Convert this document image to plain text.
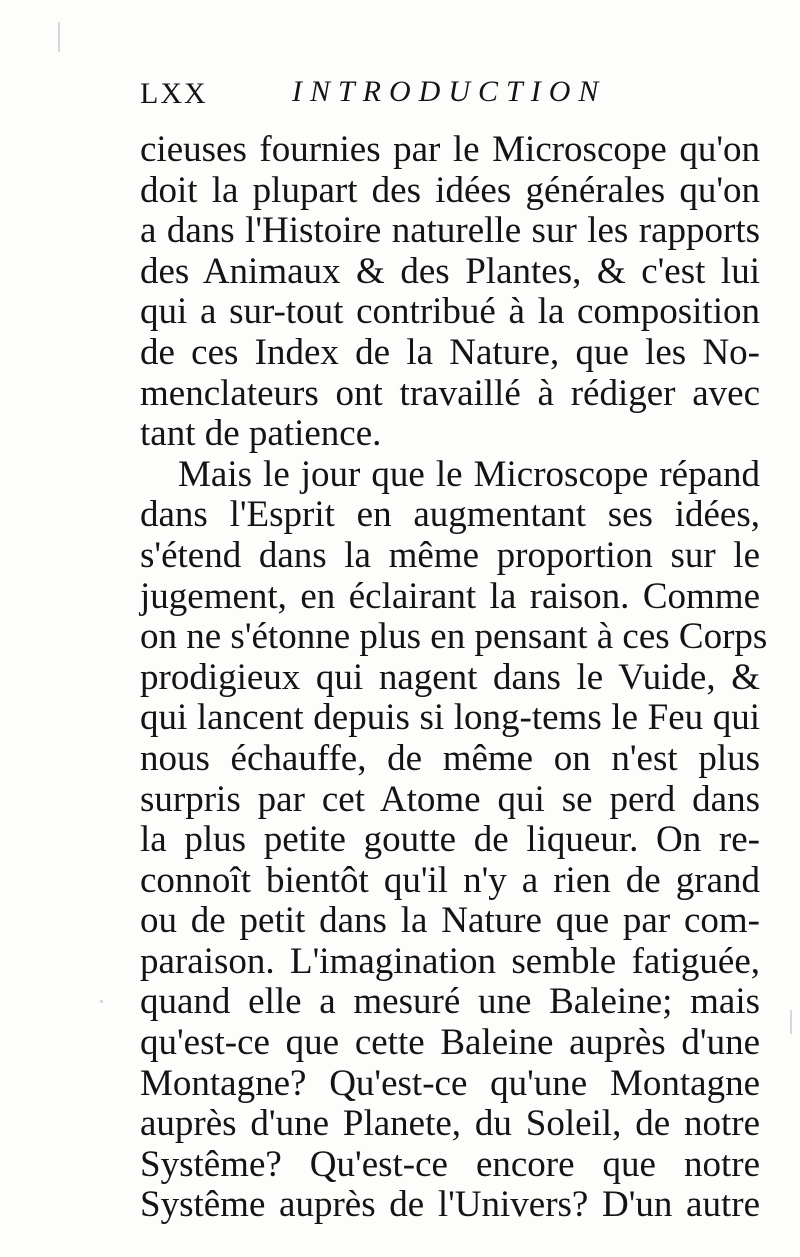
LXX	INTRODUCTION
cieuses fournies par le Microscope qu'on
doit la plupart des idées générales qu'on
a dans l'Histoire naturelle sur les rapports
des Animaux & des Plantes, & c'est lui
qui a sur-tout contribué à la composition
de ces Index de la Nature, que les No-
menclateurs ont travaillé à rédiger avec
tant de patience.
Mais le jour que le Microscope répand
dans l'Esprit en augmentant ses idées,
s'étend dans la même proportion sur le
jugement, en éclairant la raison. Comme
on ne s'étonne plus en pensant à ces Corps
prodigieux qui nagent dans le Vuide, &
qui lancent depuis si long-tems le Feu qui
nous échauffe, de même on n'est plus
surpris par cet Atome qui se perd dans
la plus petite goutte de liqueur. On re-
connoît bientôt qu'il n'y a rien de grand
ou de petit dans la Nature que par com-
paraison. L'imagination semble fatiguée,
quand elle a mesuré une Baleine; mais
qu'est-ce que cette Baleine auprès d'une
Montagne? Qu'est-ce qu'une Montagne
auprès d'une Planete, du Soleil, de notre
Systême? Qu'est-ce encore que notre
Systême auprès de l'Univers? D'un autre
